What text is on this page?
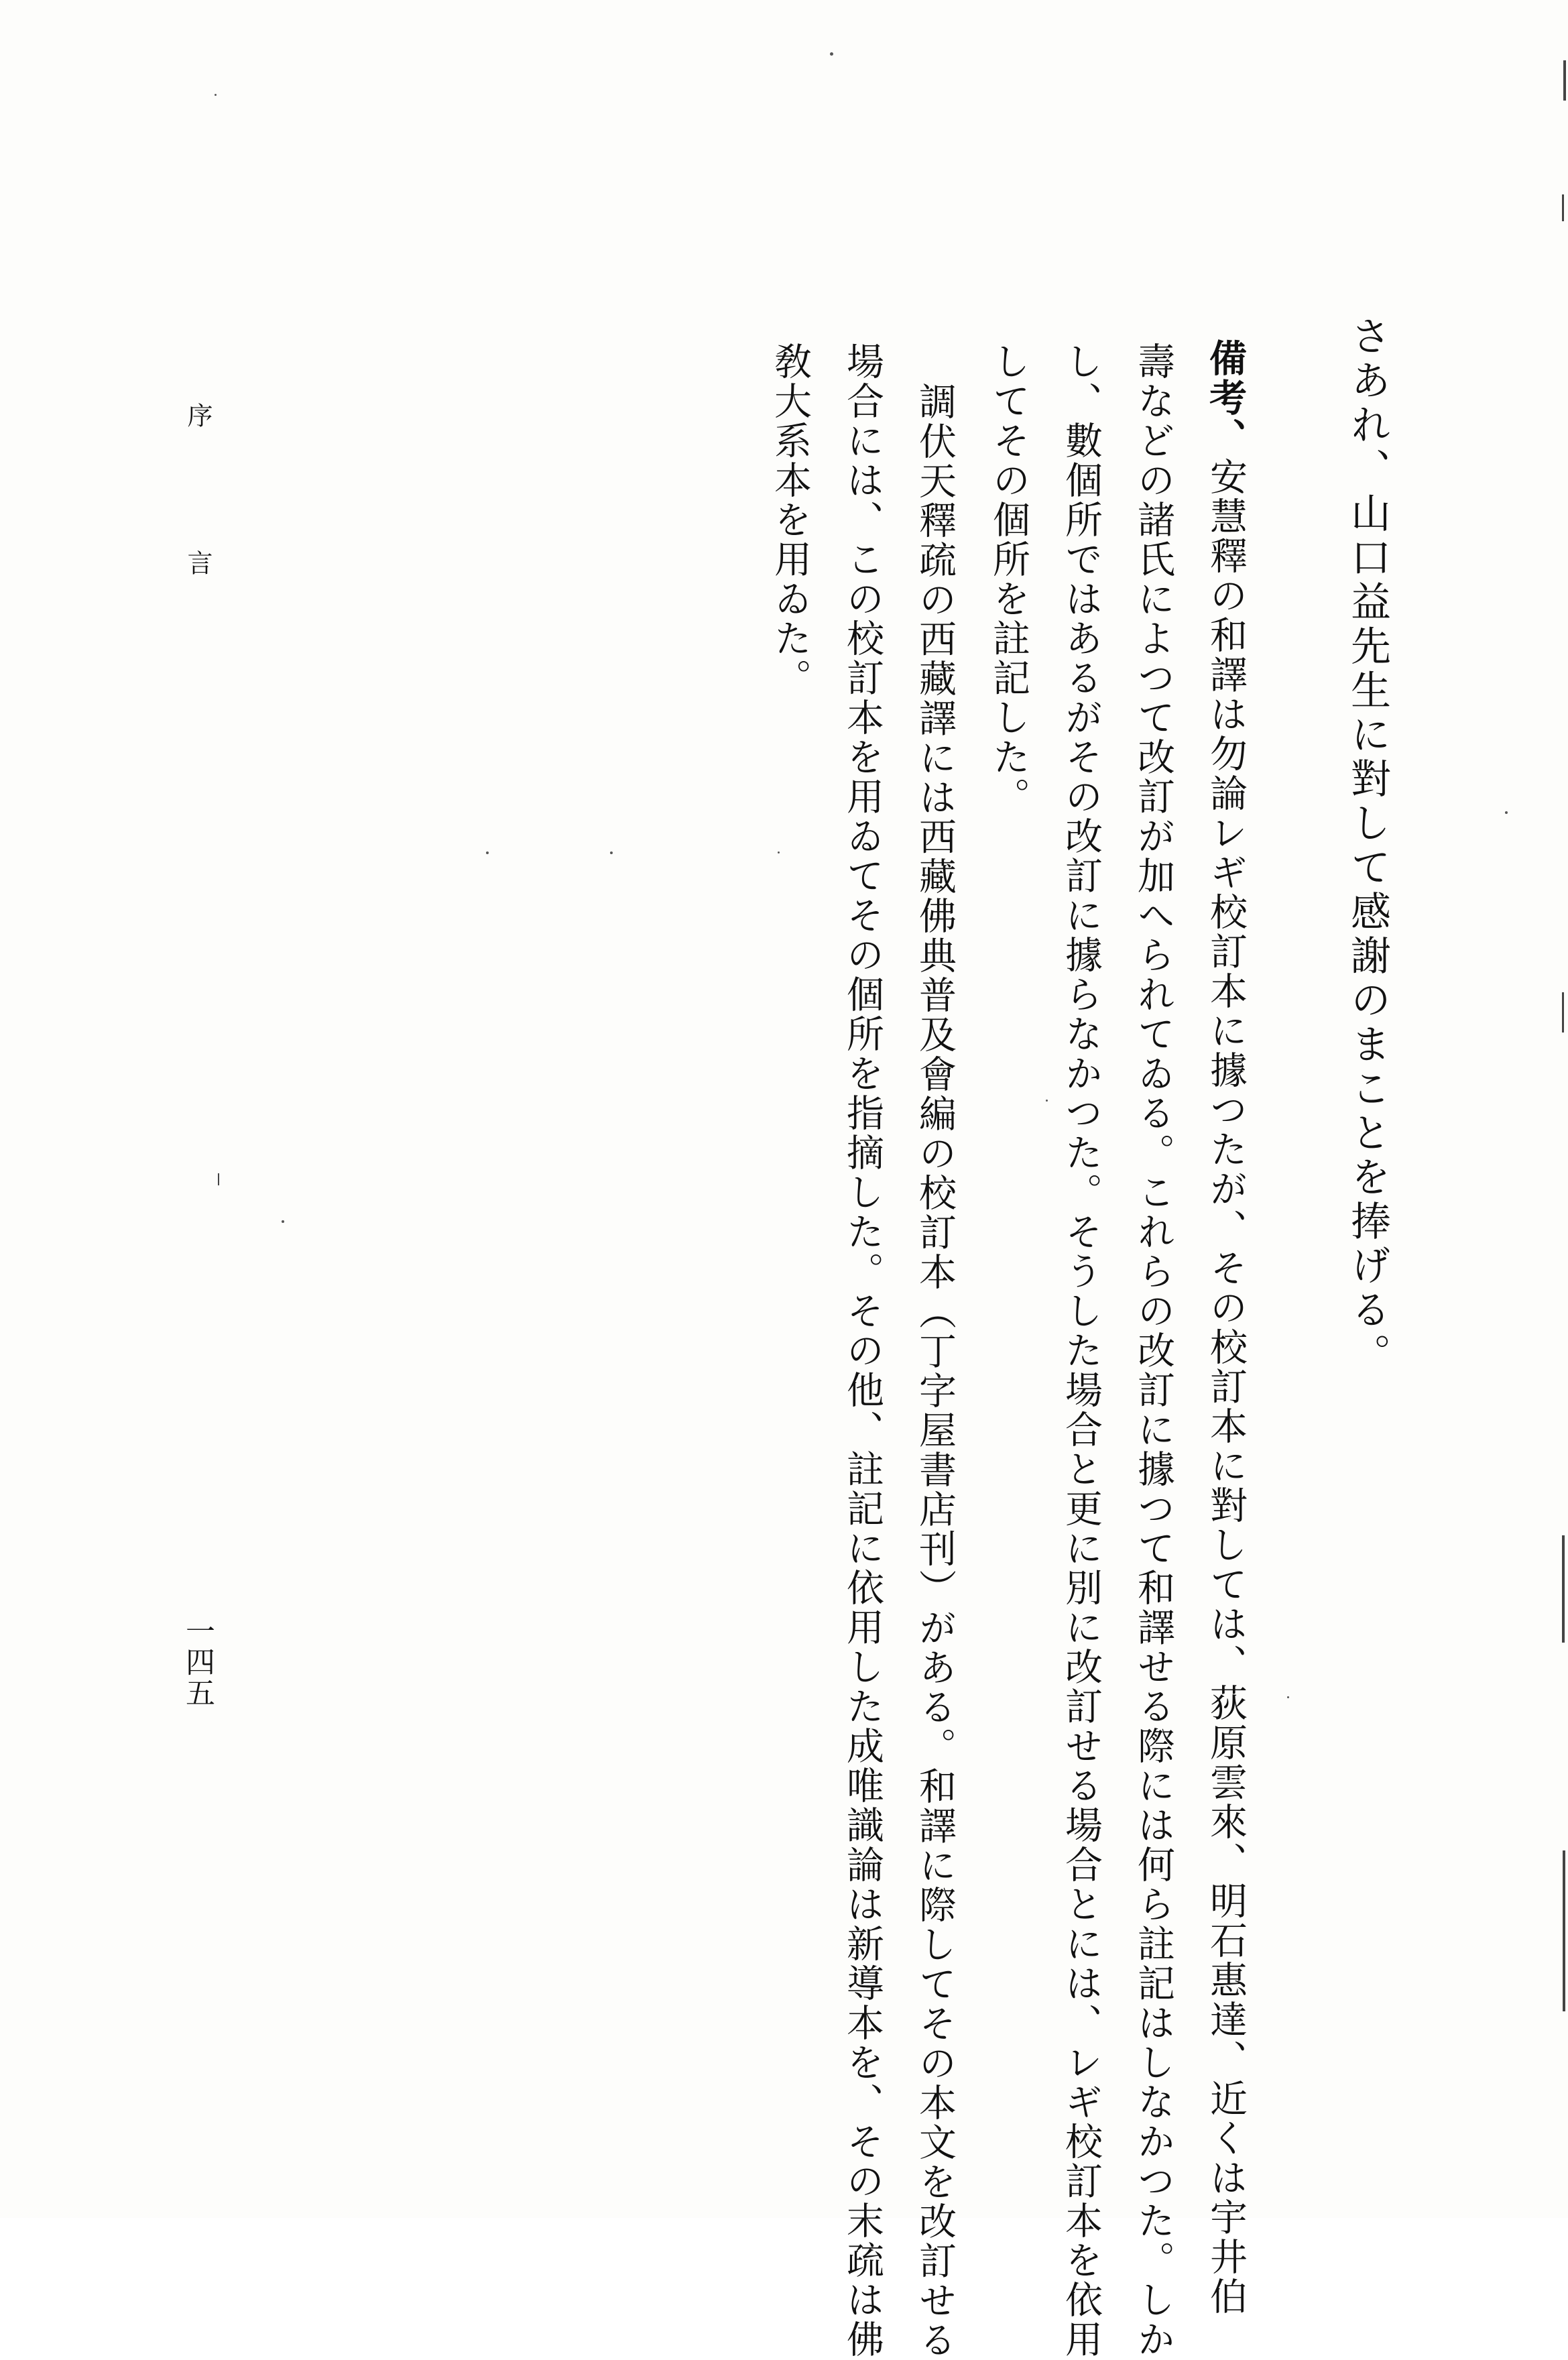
さあれ、山口益先生に對して感謝のまことを捧げる。
備考、安慧釋の和譯は勿論レギ校訂本に據つたが、その校訂本に對しては、荻原雲來、明石惠達、近くは宇井伯
壽などの諸氏によつて改訂が加へられてゐる。これらの改訂に據つて和譯せる際には何ら註記はしなかつた。しか
し、數個所ではあるがその改訂に據らなかつた。そうした場合と更に別に改訂せる場合とには、レギ校訂本を依用
してその個所を註記した。
調伏天釋疏の西藏譯には西藏佛典普及會編の校訂本（丁字屋書店刊）がある。和譯に際してその本文を改訂せる
場合には、この校訂本を用ゐてその個所を指摘した。その他、註記に依用した成唯識論は新導本を、その末疏は佛
敎大系本を用ゐた。
序
言
一四五
